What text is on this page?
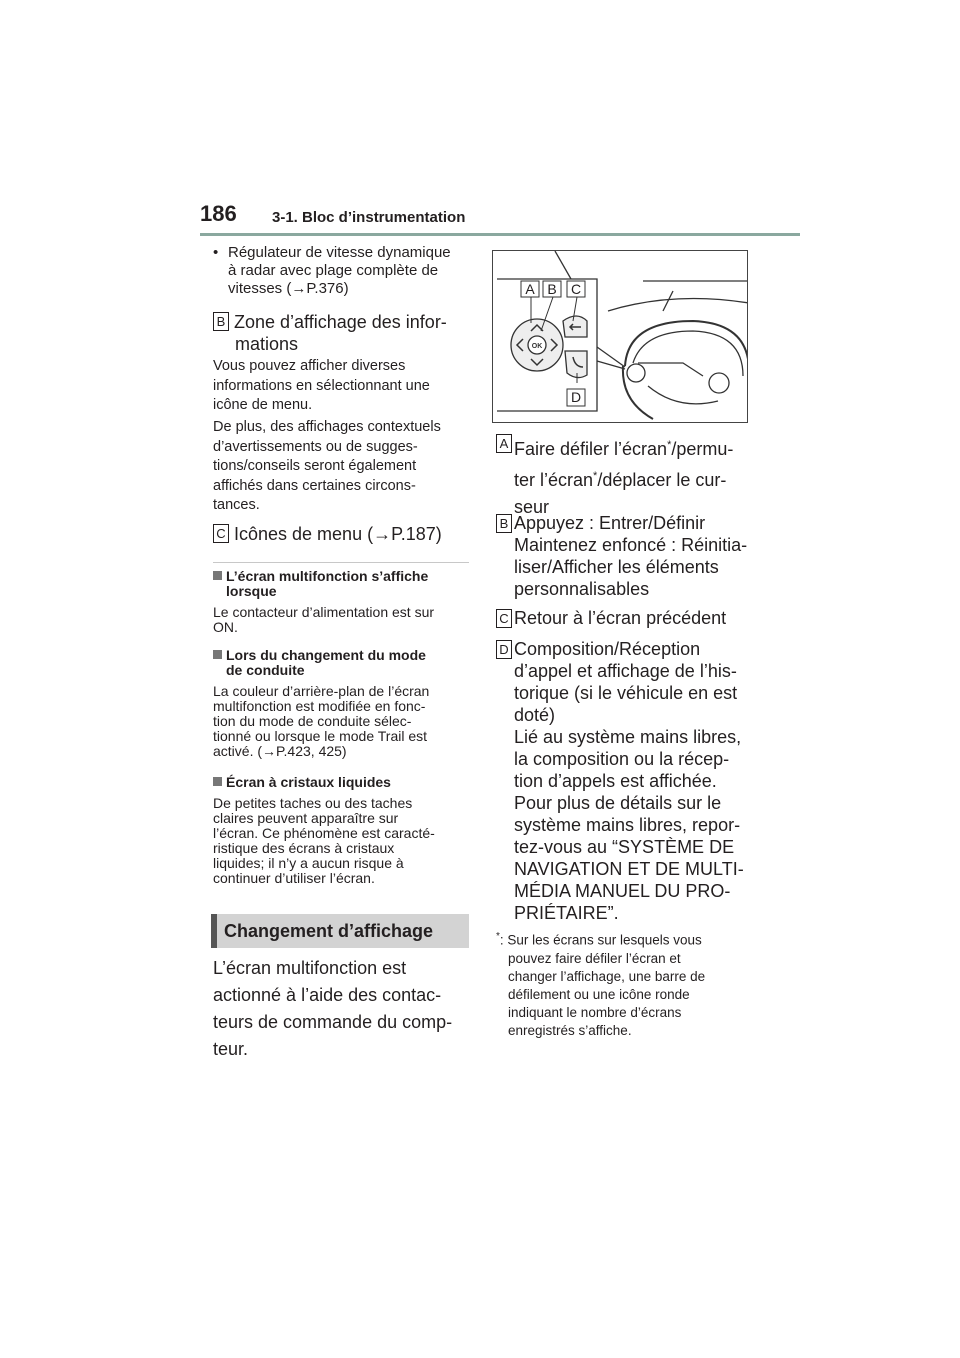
186 3-1. Bloc d’instrumentation
• Régulateur de vitesse dynamique
à radar avec plage complète de
vitesses (→P.376)
B Zone d’affichage des infor-
mations
Vous pouvez afficher diverses
informations en sélectionnant une
icône de menu.
De plus, des affichages contextuels
d’avertissements ou de sugges-
tions/conseils seront également
affichés dans certaines circons-
tances.
C Icônes de menu (→P.187)
L’écran multifonction s’affiche
lorsque
Le contacteur d’alimentation est sur
ON.
Lors du changement du mode
de conduite
La couleur d’arrière-plan de l’écran
multifonction est modifiée en fonc-
tion du mode de conduite sélec-
tionné ou lorsque le mode Trail est
activé. (→P.423, 425)
Écran à cristaux liquides
De petites taches ou des taches
claires peuvent apparaître sur
l’écran. Ce phénomène est caracté-
ristique des écrans à cristaux
liquides; il n’y a aucun risque à
continuer d’utiliser l’écran.
Changement d’affichage
L’écran multifonction est
actionné à l’aide des contac-
teurs de commande du comp-
teur.
OK
A B C
D
A Faire défiler l’écran*/permu-
ter l’écran*/déplacer le cur-
seur
B Appuyez : Entrer/Définir
Maintenez enfoncé : Réinitia-
liser/Afficher les éléments
personnalisables
C Retour à l’écran précédent
D Composition/Réception
d’appel et affichage de l’his-
torique (si le véhicule en est
doté)
Lié au système mains libres,
la composition ou la récep-
tion d’appels est affichée.
Pour plus de détails sur le
système mains libres, repor-
tez-vous au “SYSTÈME DE
NAVIGATION ET DE MULTI-
MÉDIA MANUEL DU PRO-
PRIÉTAIRE”.
*: Sur les écrans sur lesquels vous
pouvez faire défiler l’écran et
changer l’affichage, une barre de
défilement ou une icône ronde
indiquant le nombre d’écrans
enregistrés s’affiche.
